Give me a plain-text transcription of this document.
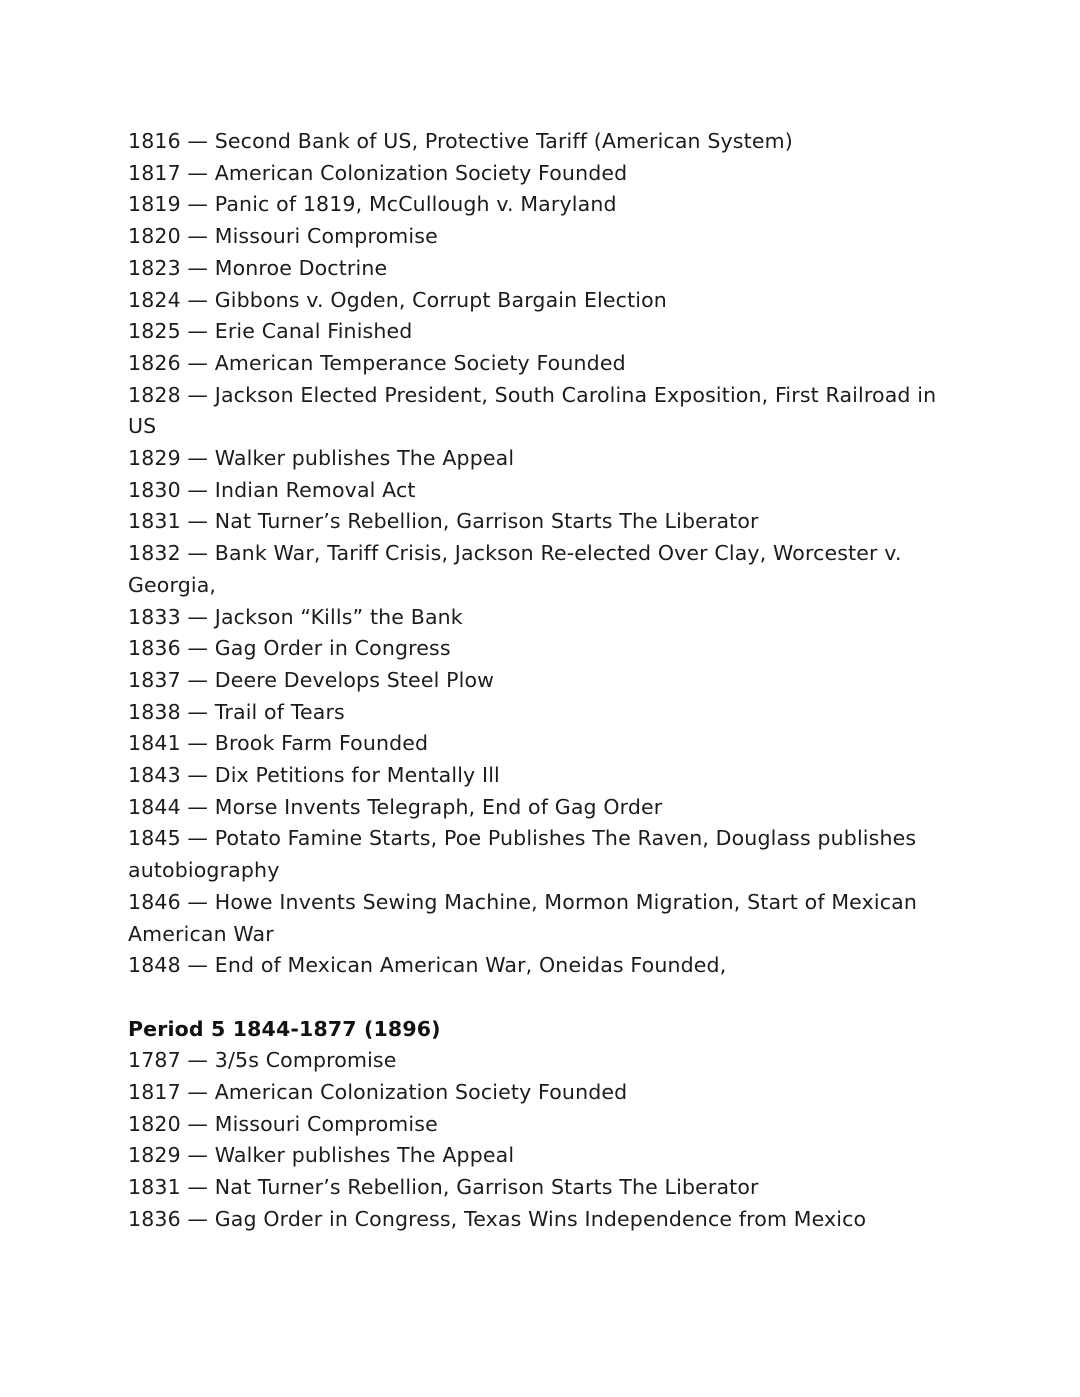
1816 — Second Bank of US, Protective Tariff (American System)

1817 — American Colonization Society Founded

1819 — Panic of 1819, McCullough v. Maryland

1820 — Missouri Compromise

1823 — Monroe Doctrine

1824 — Gibbons v. Ogden, Corrupt Bargain Election

1825 — Erie Canal Finished

1826 — American Temperance Society Founded

1828 — Jackson Elected President, South Carolina Exposition, First Railroad in US

1829 — Walker publishes The Appeal

1830 — Indian Removal Act

1831 — Nat Turner’s Rebellion, Garrison Starts The Liberator

1832 — Bank War, Tariff Crisis, Jackson Re-elected Over Clay, Worcester v. Georgia,

1833 — Jackson “Kills” the Bank

1836 — Gag Order in Congress

1837 — Deere Develops Steel Plow

1838 — Trail of Tears

1841 — Brook Farm Founded

1843 — Dix Petitions for Mentally Ill

1844 — Morse Invents Telegraph, End of Gag Order

1845 — Potato Famine Starts, Poe Publishes The Raven, Douglass publishes autobiography

1846 — Howe Invents Sewing Machine, Mormon Migration, Start of Mexican American War

1848 — End of Mexican American War, Oneidas Founded,

Period 5 1844-1877 (1896)

1787 — 3/5s Compromise

1817 — American Colonization Society Founded

1820 — Missouri Compromise

1829 — Walker publishes The Appeal

1831 — Nat Turner’s Rebellion, Garrison Starts The Liberator

1836 — Gag Order in Congress, Texas Wins Independence from Mexico
